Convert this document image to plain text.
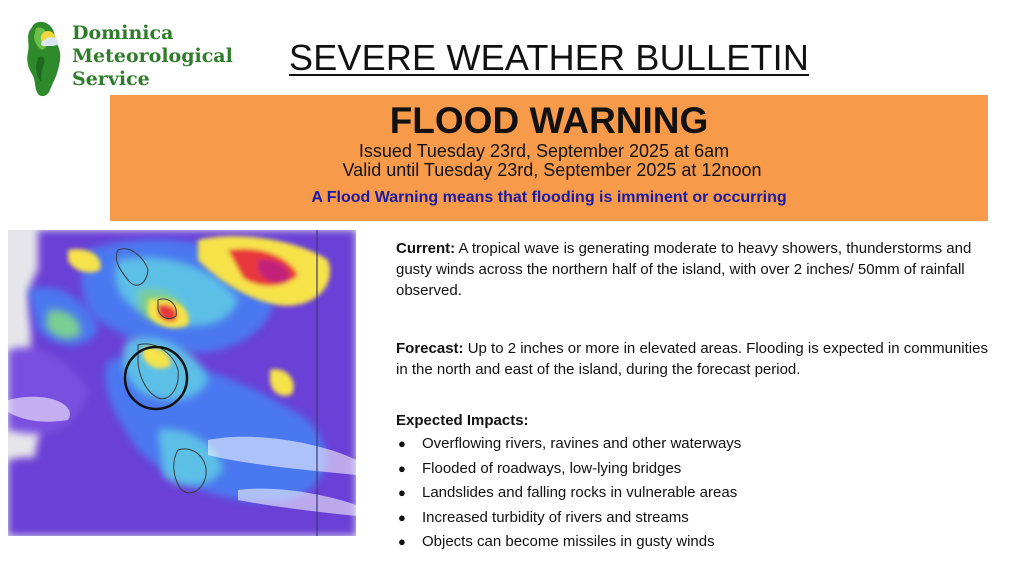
Dominica
Meteorological
Service
SEVERE WEATHER BULLETIN
FLOOD WARNING
Issued Tuesday 23rd, September 2025 at 6am
Valid until Tuesday 23rd, September 2025 at 12noon
A Flood Warning means that flooding is imminent or occurring

Current: A tropical wave is generating moderate to heavy showers, thunderstorms and gusty winds across the northern half of the island, with over 2 inches/ 50mm of rainfall observed.

Forecast: Up to 2 inches or more in elevated areas. Flooding is expected in communities in the north and east of the island, during the forecast period.

Expected Impacts:
● Overflowing rivers, ravines and other waterways
● Flooded of roadways, low-lying bridges
● Landslides and falling rocks in vulnerable areas
● Increased turbidity of rivers and streams
● Objects can become missiles in gusty winds
